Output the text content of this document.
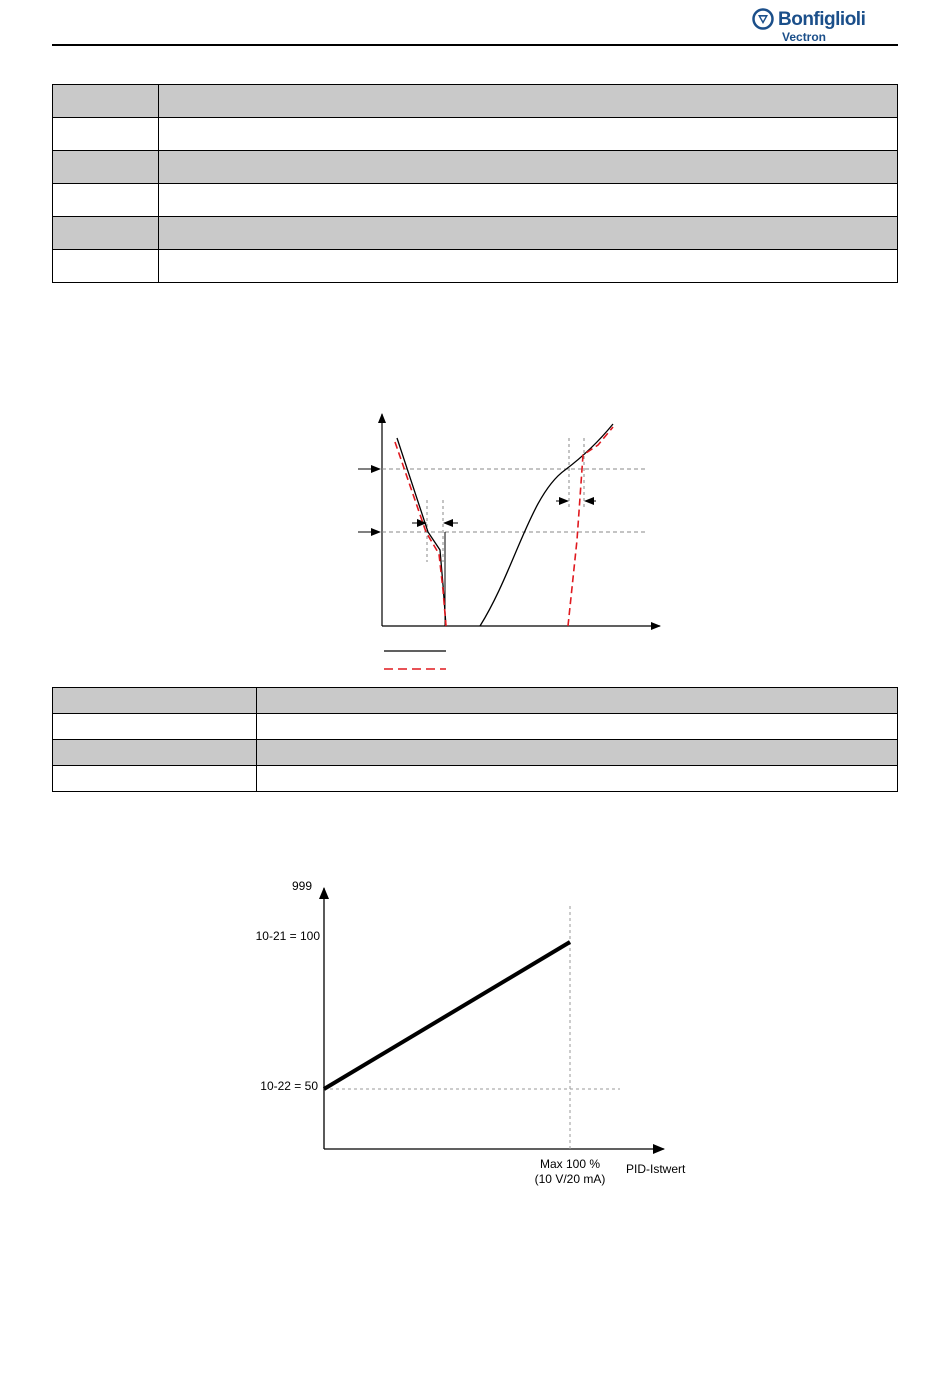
Bonfiglioli
Vectron

999
10-21 = 100
10-22 = 50
Max 100 %
(10 V/20 mA)
PID-Istwert
